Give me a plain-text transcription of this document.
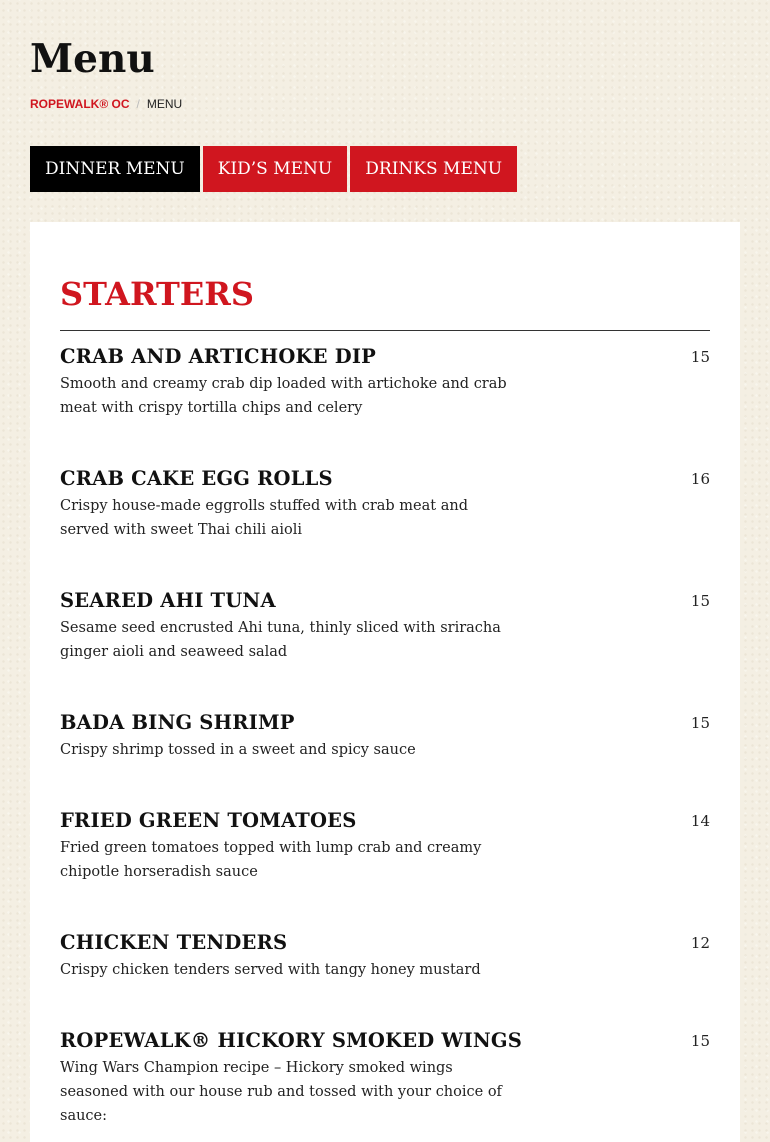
Menu
ROPEWALK® OC / MENU
DINNER MENU	KID’S MENU	DRINKS MENU
STARTERS
CRAB AND ARTICHOKE DIP	15
Smooth and creamy crab dip loaded with artichoke and crab meat with crispy tortilla chips and celery
CRAB CAKE EGG ROLLS	16
Crispy house-made eggrolls stuffed with crab meat and served with sweet Thai chili aioli
SEARED AHI TUNA	15
Sesame seed encrusted Ahi tuna, thinly sliced with sriracha ginger aioli and seaweed salad
BADA BING SHRIMP	15
Crispy shrimp tossed in a sweet and spicy sauce
FRIED GREEN TOMATOES	14
Fried green tomatoes topped with lump crab and creamy chipotle horseradish sauce
CHICKEN TENDERS	12
Crispy chicken tenders served with tangy honey mustard
ROPEWALK® HICKORY SMOKED WINGS	15
Wing Wars Champion recipe – Hickory smoked wings seasoned with our house rub and tossed with your choice of sauce:
